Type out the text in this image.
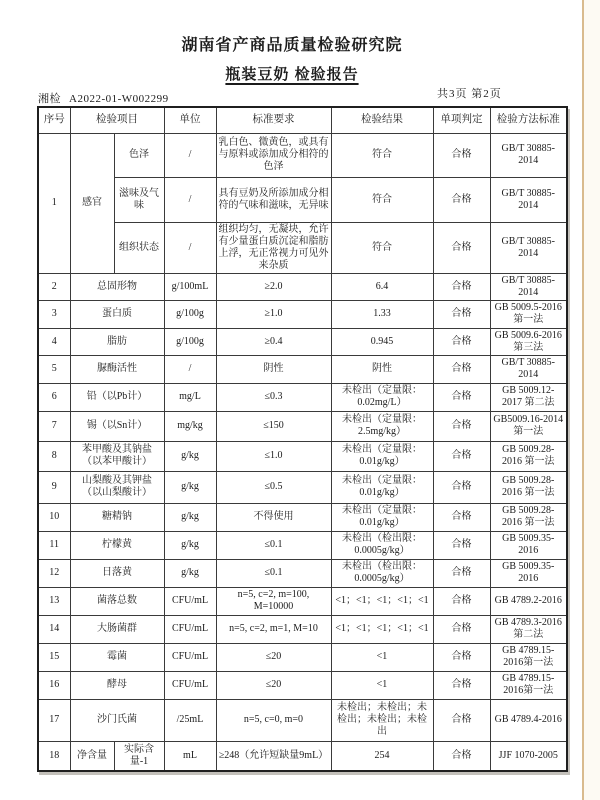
湖南省产商品质量检验研究院
瓶装豆奶 检验报告
湘检 A2022-01-W002299	共3页 第2页
序号	检验项目		单位	标准要求	检验结果	单项判定	检验方法标准
1	感官	色泽	/	乳白色、微黄色，或具有与原料或添加成分相符的色泽	符合	合格	GB/T 30885-2014
		滋味及气味	/	具有豆奶及所添加成分相符的气味和滋味，无异味	符合	合格	GB/T 30885-2014
		组织状态	/	组织均匀，无凝块，允许有少量蛋白质沉淀和脂肪上浮，无正常视力可见外来杂质	符合	合格	GB/T 30885-2014
2	总固形物		g/100mL	≥2.0	6.4	合格	GB/T 30885-2014
3	蛋白质		g/100g	≥1.0	1.33	合格	GB 5009.5-2016第一法
4	脂肪		g/100g	≥0.4	0.945	合格	GB 5009.6-2016第三法
5	脲酶活性		/	阴性	阴性	合格	GB/T 30885-2014
6	铅（以Pb计）		mg/L	≤0.3	未检出（定量限：0.02mg/L）	合格	GB 5009.12-2017 第二法
7	锡（以Sn计）		mg/kg	≤150	未检出（定量限：2.5mg/kg）	合格	GB5009.16-2014第一法
8	苯甲酸及其钠盐（以苯甲酸计）		g/kg	≤1.0	未检出（定量限：0.01g/kg）	合格	GB 5009.28-2016 第一法
9	山梨酸及其钾盐（以山梨酸计）		g/kg	≤0.5	未检出（定量限：0.01g/kg）	合格	GB 5009.28-2016 第一法
10	糖精钠		g/kg	不得使用	未检出（定量限：0.01g/kg）	合格	GB 5009.28-2016 第一法
11	柠檬黄		g/kg	≤0.1	未检出（检出限：0.0005g/kg）	合格	GB 5009.35-2016
12	日落黄		g/kg	≤0.1	未检出（检出限：0.0005g/kg）	合格	GB 5009.35-2016
13	菌落总数		CFU/mL	n=5, c=2, m=100, M=10000	<1；<1；<1；<1；<1	合格	GB 4789.2-2016
14	大肠菌群		CFU/mL	n=5, c=2, m=1, M=10	<1；<1；<1；<1；<1	合格	GB 4789.3-2016第二法
15	霉菌		CFU/mL	≤20	<1	合格	GB 4789.15-2016第一法
16	酵母		CFU/mL	≤20	<1	合格	GB 4789.15-2016第一法
17	沙门氏菌		/25mL	n=5, c=0, m=0	未检出；未检出；未检出；未检出；未检出	合格	GB 4789.4-2016
18	净含量	实际含量-1	mL	≥248（允许短缺量9mL）	254	合格	JJF 1070-2005
